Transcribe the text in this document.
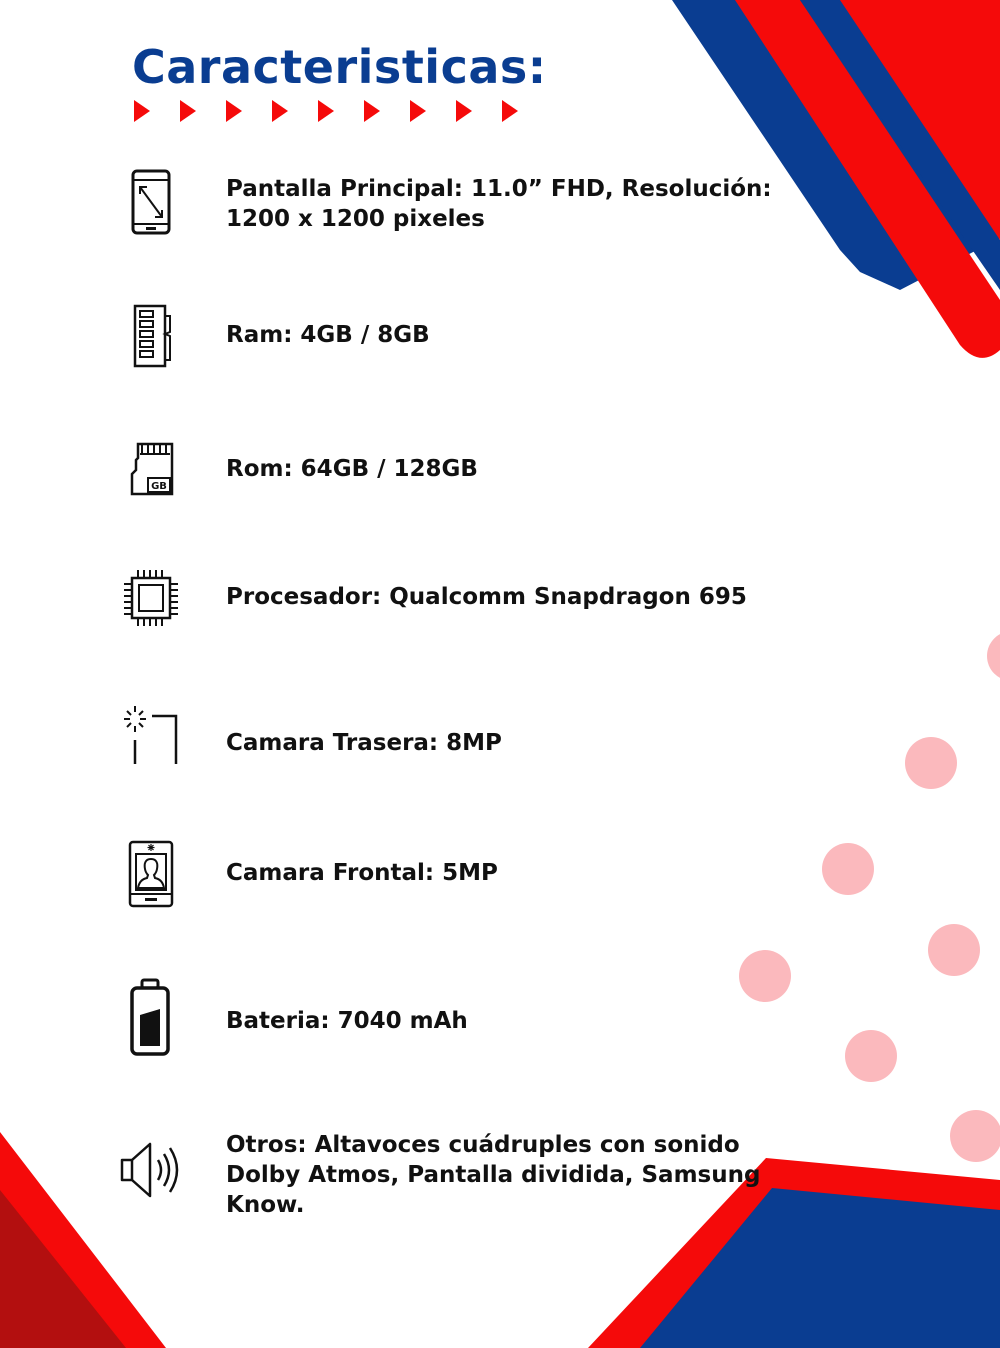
Caracteristicas:
Pantalla Principal: 11.0” FHD, Resolución: 1200 x 1200 pixeles
Ram: 4GB / 8GB
GB
Rom: 64GB / 128GB
Procesador: Qualcomm Snapdragon 695
Camara Trasera: 8MP
Camara Frontal: 5MP
Bateria: 7040 mAh
Otros: Altavoces cuádruples con sonido Dolby Atmos, Pantalla dividida, Samsung Know.
